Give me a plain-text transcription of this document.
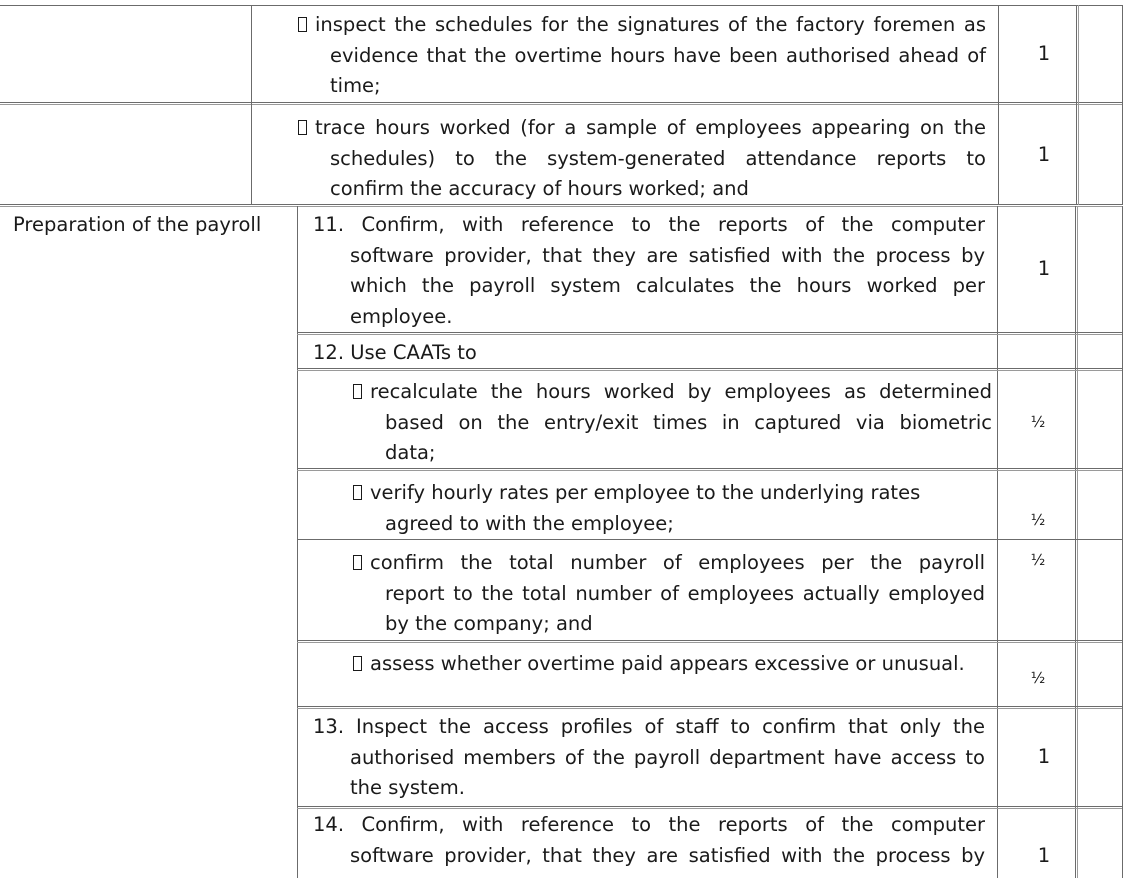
Preparation of the payroll
inspect the schedules for the signatures of the factory foremen as
evidence that the overtime hours have been authorised ahead of
time;
1
trace hours worked (for a sample of employees appearing on the
schedules) to the system-generated attendance reports to
confirm the accuracy of hours worked; and
1
11. Confirm, with reference to the reports of the computer
software provider, that they are satisfied with the process by
which the payroll system calculates the hours worked per
employee.
1
12. Use CAATs to
recalculate the hours worked by employees as determined
based on the entry/exit times in captured via biometric
data;
½
verify hourly rates per employee to the underlying rates
agreed to with the employee;	½
confirm the total number of employees per the payroll
report to the total number of employees actually employed
by the company; and
½
assess whether overtime paid appears excessive or unusual.
½
13. Inspect the access profiles of staff to confirm that only the
authorised members of the payroll department have access to
the system.
1
14. Confirm, with reference to the reports of the computer
software provider, that they are satisfied with the process by	1
